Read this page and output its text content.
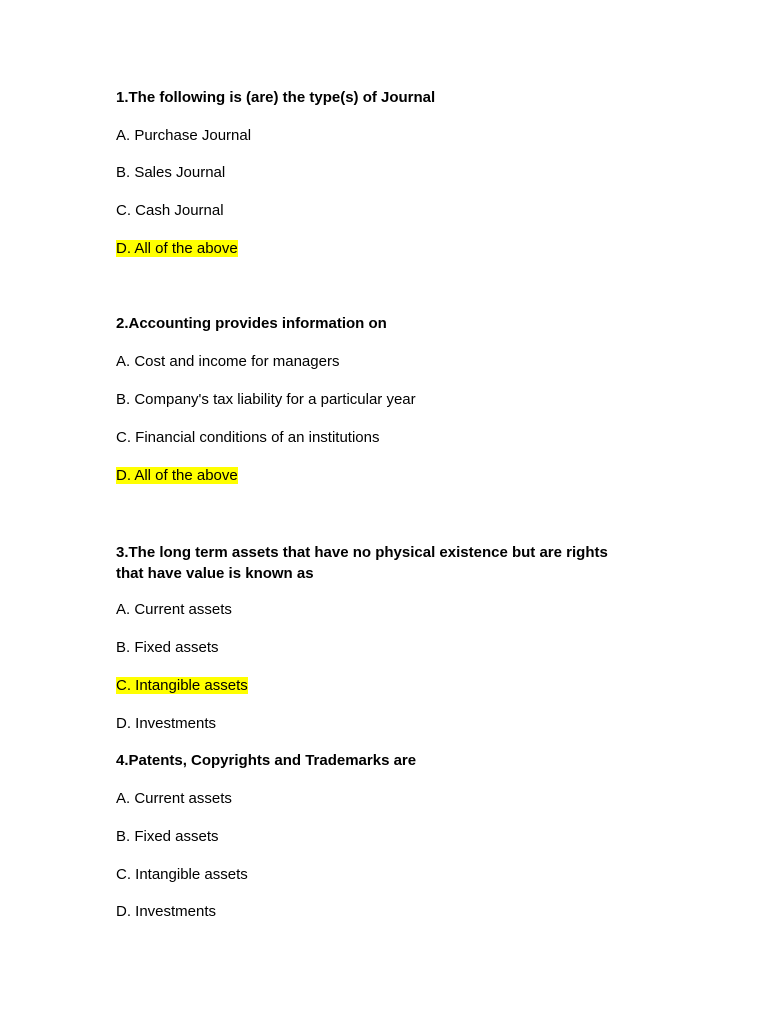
1.The following is (are) the type(s) of Journal
A. Purchase Journal
B. Sales Journal
C. Cash Journal
D. All of the above
2.Accounting provides information on
A. Cost and income for managers
B. Company's tax liability for a particular year
C. Financial conditions of an institutions
D. All of the above
3.The long term assets that have no physical existence but are rights that have value is known as
A. Current assets
B. Fixed assets
C. Intangible assets
D. Investments
4.Patents, Copyrights and Trademarks are
A. Current assets
B. Fixed assets
C. Intangible assets
D. Investments
